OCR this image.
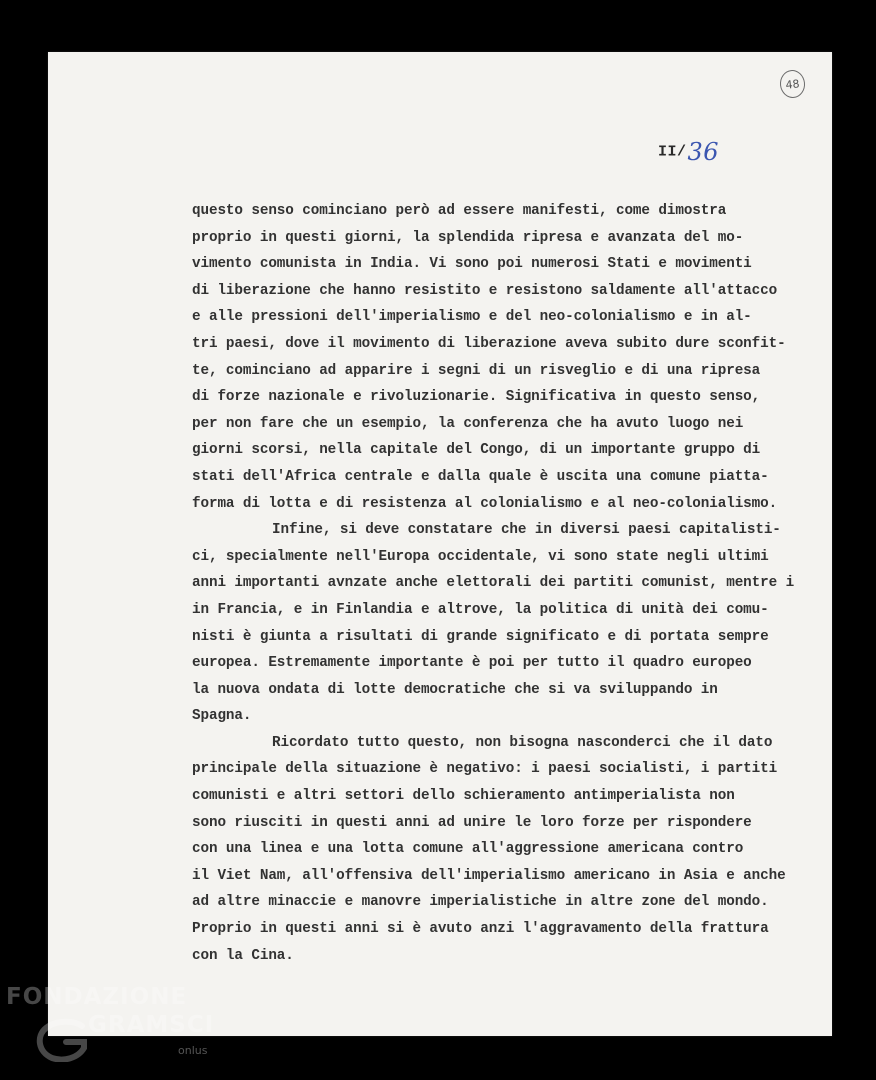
48
II/36
questo senso cominciano però ad essere manifesti, come dimostra
proprio in questi giorni, la splendida ripresa e avanzata del mo-
vimento comunista in India. Vi sono poi numerosi Stati e movimenti
di liberazione che hanno resistito e resistono saldamente all'attacco
e alle pressioni dell'imperialismo e del neo-colonialismo e in al-
tri paesi, dove il movimento di liberazione aveva subito dure sconfit-
te, cominciano ad apparire i segni di un risveglio e di una ripresa
di forze nazionale e rivoluzionarie. Significativa in questo senso,
per non fare che un esempio, la conferenza che ha avuto luogo nei
giorni scorsi, nella capitale del Congo, di un importante gruppo di
stati dell'Africa centrale e dalla quale è uscita una comune piatta-
forma di lotta e di resistenza al colonialismo e al neo-colonialismo.
Infine, si deve constatare che in diversi paesi capitalisti-
ci, specialmente nell'Europa occidentale, vi sono state negli ultimi
anni importanti avnzate anche elettorali dei partiti comunist, mentre i
in Francia, e in Finlandia e altrove, la politica di unità dei comu-
nisti è giunta a risultati di grande significato e di portata sempre
europea. Estremamente importante è poi per tutto il quadro europeo
la nuova ondata di lotte democratiche che si va sviluppando in
Spagna.
Ricordato tutto questo, non bisogna nasconderci che il dato
principale della situazione è negativo: i paesi socialisti, i partiti
comunisti e altri settori dello schieramento antimperialista non
sono riusciti in questi anni ad unire le loro forze per rispondere
con una linea e una lotta comune all'aggressione americana contro
il Viet Nam, all'offensiva dell'imperialismo americano in Asia e anche
ad altre minaccie e manovre imperialistiche in altre zone del mondo.
Proprio in questi anni si è avuto anzi l'aggravamento della frattura
con la Cina.
FONDAZIONE
GRAMSCI
onlus
